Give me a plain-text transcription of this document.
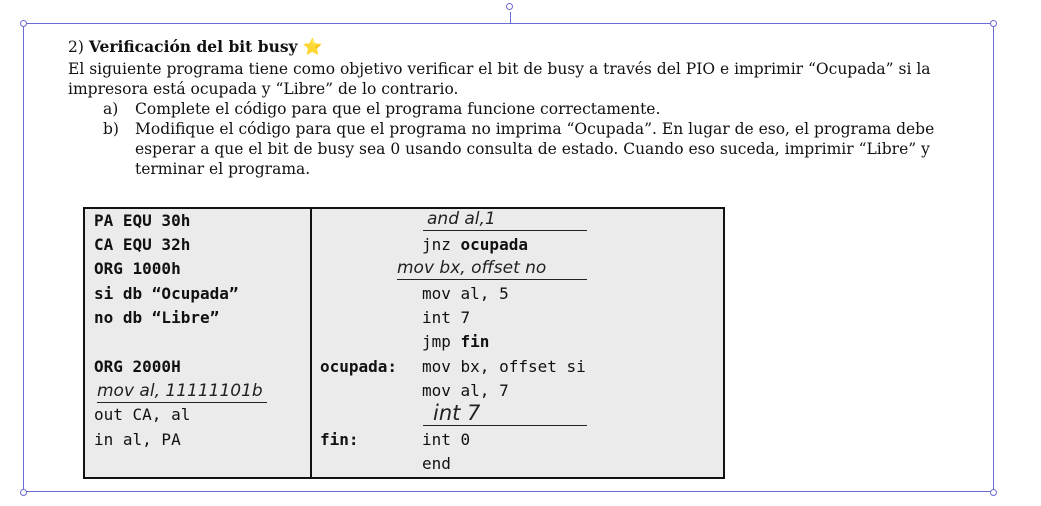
2) Verificación del bit busy ⭐

El siguiente programa tiene como objetivo verificar el bit de busy a través del PIO e imprimir “Ocupada” si la impresora está ocupada y “Libre” de lo contrario.

a) Complete el código para que el programa funcione correctamente.
b) Modifique el código para que el programa no imprima “Ocupada”. En lugar de eso, el programa debe esperar a que el bit de busy sea 0 usando consulta de estado. Cuando eso suceda, imprimir “Libre” y terminar el programa.
PA EQU 30h
CA EQU 32h
ORG 1000h
si db “Ocupada”
no db “Libre”
ORG 2000H
mov al, 11111101b
out CA, al
in al, PA
and al,1
jnz ocupada
mov bx, offset no
mov al, 5
int 7
jmp fin
ocupada: mov bx, offset si
mov al, 7
int 7
fin:	int 0
end
